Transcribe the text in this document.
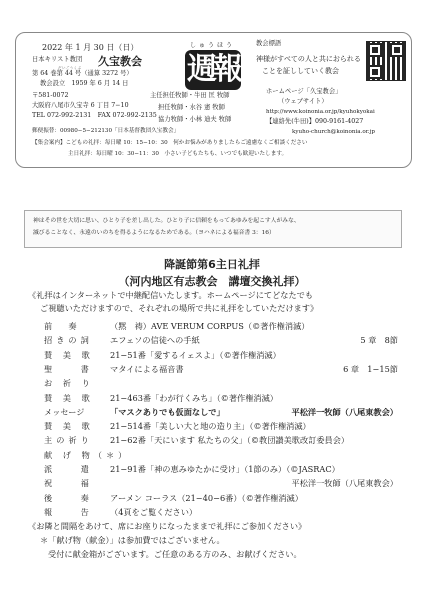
2022 年 1 月 30 日（日）
日本キリスト教団 久宝教会
だいごうくぶ
第 64 巻第 44 号（通算 3272 号）
教会設立　1959 年 6 月 14 日
しゅうほう
週報
教会標語
神様がすべての人と共におられる
ことを証ししていく教会
主任担任牧師・牛田 匡 牧師
担任牧師・水谷 憲 牧師
協力牧師・小林 迪夫 牧師
〒581-0072
大阪府八尾市久宝寺 6 丁目 7−10
TEL 072-992-2131　FAX 072-992-2135
郵便振替：00980−5−212130「日本基督教団久宝教会」
ホームページ「久宝教会」
（ウェブサイト）
http://www.koinonia.or.jp/kyuhokyokai
【連絡先(牛田)】090-9161-4027
kyuho-church@koinonia.or.jp
【集会案内】こどもの礼拝：毎日曜 10：15−10：30　何かお悩みがありましたらご遠慮なくご相談ください
主日礼拝：毎日曜 10：30−11：30　小さい子どもたちも、いつでも歓迎いたします。
神はその世を大切に思い、ひとり子を差し出した。ひとり子に信頼をもってあゆみを起こす人がみな、
滅びることなく、永遠のいのちを得るようになるためである。（ヨハネによる福音書 3：16）
降誕節第6主日礼拝
（河内地区有志教会　講壇交換礼拝）
《礼拝はインターネットで中継配信いたします。ホームページにてどなたでも
ご視聴いただけますので、それぞれの場所で共に礼拝をしていただけます》
前　奏	（黙　祷）AVE VERUM CORPUS（©著作権消滅）
招きの詞 エフェソの信徒への手紙	5 章　8節
賛 美 歌 21−51番「愛するイェスよ」（©著作権消滅）
聖　　書 マタイによる福音書	6 章　1−15節
お 祈 り
賛 美 歌 21−463番「わが行くみち」（©著作権消滅）
メッセージ	「マスクありでも仮面なしで」	平松洋一牧師（八尾東教会）
賛 美 歌 21−514番「美しい大と地の造り主」（©著作権消滅）
主の祈り 21−62番「天にいます 私たちの父」（©教団讃美歌改訂委員会）
献 げ 物（＊）
派　　遣 21−91番「神の恵みゆたかに受け」（1節のみ）（©JASRAC）
祝　　福	平松洋一牧師（八尾東教会）
後　　奏 アーメン コーラス（21−40−6番）（©著作権消滅）
報　　告 （4頁をご覧ください）
《お隣と間隔をあけて、席にお座りになったままで礼拝にご参加ください》
＊「献げ物（献金）」は参加費ではございません。
受付に献金箱がございます。ご任意のある方のみ、お献げください。
